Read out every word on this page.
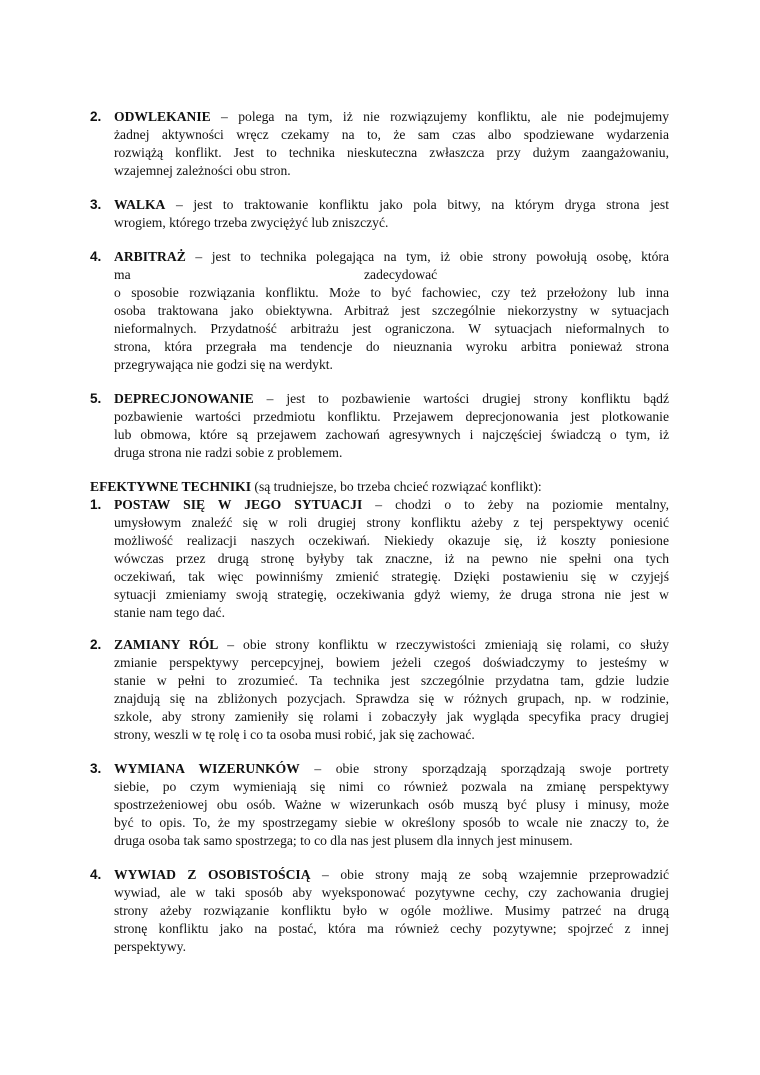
2. ODWLEKANIE – polega na tym, iż nie rozwiązujemy konfliktu, ale nie podejmujemy
żadnej aktywności wręcz czekamy na to, że sam czas albo spodziewane wydarzenia
rozwiążą konflikt. Jest to technika nieskuteczna zwłaszcza przy dużym zaangażowaniu,
wzajemnej zależności obu stron.
3. WALKA – jest to traktowanie konfliktu jako pola bitwy, na którym dryga strona jest
wrogiem, którego trzeba zwyciężyć lub zniszczyć.
4. ARBITRAŻ – jest to technika polegająca na tym, iż obie strony powołują osobę, która
ma	zadecydować
o sposobie rozwiązania konfliktu. Może to być fachowiec, czy też przełożony lub inna
osoba traktowana jako obiektywna. Arbitraż jest szczególnie niekorzystny w sytuacjach
nieformalnych. Przydatność arbitrażu jest ograniczona. W sytuacjach nieformalnych to
strona, która przegrała ma tendencje do nieuznania wyroku arbitra ponieważ strona
przegrywająca nie godzi się na werdykt.
5. DEPRECJONOWANIE – jest to pozbawienie wartości drugiej strony konfliktu bądź
pozbawienie wartości przedmiotu konfliktu. Przejawem deprecjonowania jest plotkowanie
lub obmowa, które są przejawem zachowań agresywnych i najczęściej świadczą o tym, iż
druga strona nie radzi sobie z problemem.
EFEKTYWNE TECHNIKI (są trudniejsze, bo trzeba chcieć rozwiązać konflikt):
1. POSTAW SIĘ W JEGO SYTUACJI – chodzi o to żeby na poziomie mentalny,
umysłowym znaleźć się w roli drugiej strony konfliktu ażeby z tej perspektywy ocenić
możliwość realizacji naszych oczekiwań. Niekiedy okazuje się, iż koszty poniesione
wówczas przez drugą stronę byłyby tak znaczne, iż na pewno nie spełni ona tych
oczekiwań, tak więc powinniśmy zmienić strategię. Dzięki postawieniu się w czyjejś
sytuacji zmieniamy swoją strategię, oczekiwania gdyż wiemy, że druga strona nie jest w
stanie nam tego dać.
2. ZAMIANY RÓL – obie strony konfliktu w rzeczywistości zmieniają się rolami, co służy
zmianie perspektywy percepcyjnej, bowiem jeżeli czegoś doświadczymy to jesteśmy w
stanie w pełni to zrozumieć. Ta technika jest szczególnie przydatna tam, gdzie ludzie
znajdują się na zbliżonych pozycjach. Sprawdza się w różnych grupach, np. w rodzinie,
szkole, aby strony zamieniły się rolami i zobaczyły jak wygląda specyfika pracy drugiej
strony, weszli w tę rolę i co ta osoba musi robić, jak się zachować.
3. WYMIANA WIZERUNKÓW – obie strony sporządzają sporządzają swoje portrety
siebie, po czym wymieniają się nimi co również pozwala na zmianę perspektywy
spostrzeżeniowej obu osób. Ważne w wizerunkach osób muszą być plusy i minusy, może
być to opis. To, że my spostrzegamy siebie w określony sposób to wcale nie znaczy to, że
druga osoba tak samo spostrzega; to co dla nas jest plusem dla innych jest minusem.
4. WYWIAD Z OSOBISTOŚCIĄ – obie strony mają ze sobą wzajemnie przeprowadzić
wywiad, ale w taki sposób aby wyeksponować pozytywne cechy, czy zachowania drugiej
strony ażeby rozwiązanie konfliktu było w ogóle możliwe. Musimy patrzeć na drugą
stronę konfliktu jako na postać, która ma również cechy pozytywne; spojrzeć z innej
perspektywy.
